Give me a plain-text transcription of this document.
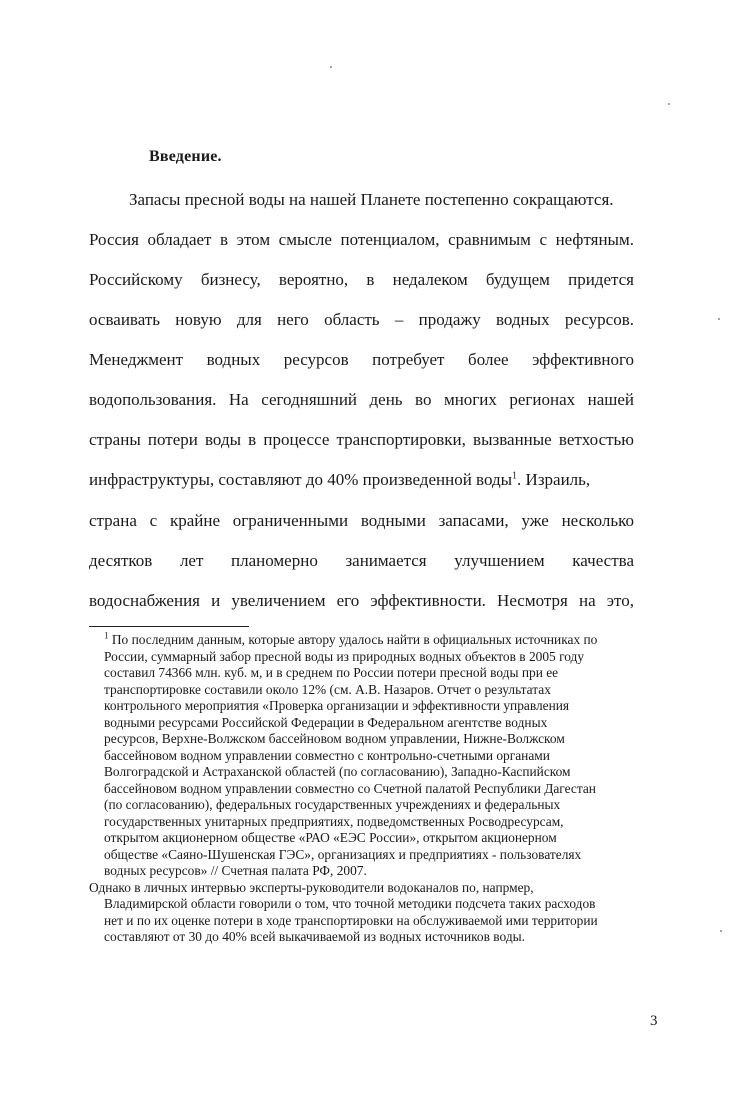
Введение.
Запасы пресной воды на нашей Планете постепенно сокращаются.
Россия обладает в этом смысле потенциалом, сравнимым с нефтяным.
Российскому бизнесу, вероятно, в недалеком будущем придется
осваивать новую для него область – продажу водных ресурсов.
Менеджмент водных ресурсов потребует более эффективного
водопользования. На сегодняшний день во многих регионах нашей
страны потери воды в процессе транспортировки, вызванные ветхостью
инфраструктуры, составляют до 40% произведенной воды$^1$. Израиль,
страна с крайне ограниченными водными запасами, уже несколько
десятков лет планомерно занимается улучшением качества
водоснабжения и увеличением его эффективности. Несмотря на это,
$^1$ По последним данным, которые автору удалось найти в официальных источниках по
России, суммарный забор пресной воды из природных водных объектов в 2005 году
составил 74366 млн. куб. м, и в среднем по России потери пресной воды при ее
транспортировке составили около 12% (см. А.В. Назаров. Отчет о результатах
контрольного мероприятия «Проверка организации и эффективности управления
водными ресурсами Российской Федерации в Федеральном агентстве водных
ресурсов, Верхне-Волжском бассейновом водном управлении, Нижне-Волжском
бассейновом водном управлении совместно с контрольно-счетными органами
Волгоградской и Астраханской областей (по согласованию), Западно-Каспийском
бассейновом водном управлении совместно со Счетной палатой Республики Дагестан
(по согласованию), федеральных государственных учреждениях и федеральных
государственных унитарных предприятиях, подведомственных Росводресурсам,
открытом акционерном обществе «РАО «ЕЭС России», открытом акционерном
обществе «Саяно-Шушенская ГЭС», организациях и предприятиях - пользователях
водных ресурсов» // Счетная палата РФ, 2007.
Однако в личных интервью эксперты-руководители водоканалов по, напрмер,
Владимирской области говорили о том, что точной методики подсчета таких расходов
нет и по их оценке потери в ходе транспортировки на обслуживаемой ими территории
составляют от 30 до 40% всей выкачиваемой из водных источников воды.
3
